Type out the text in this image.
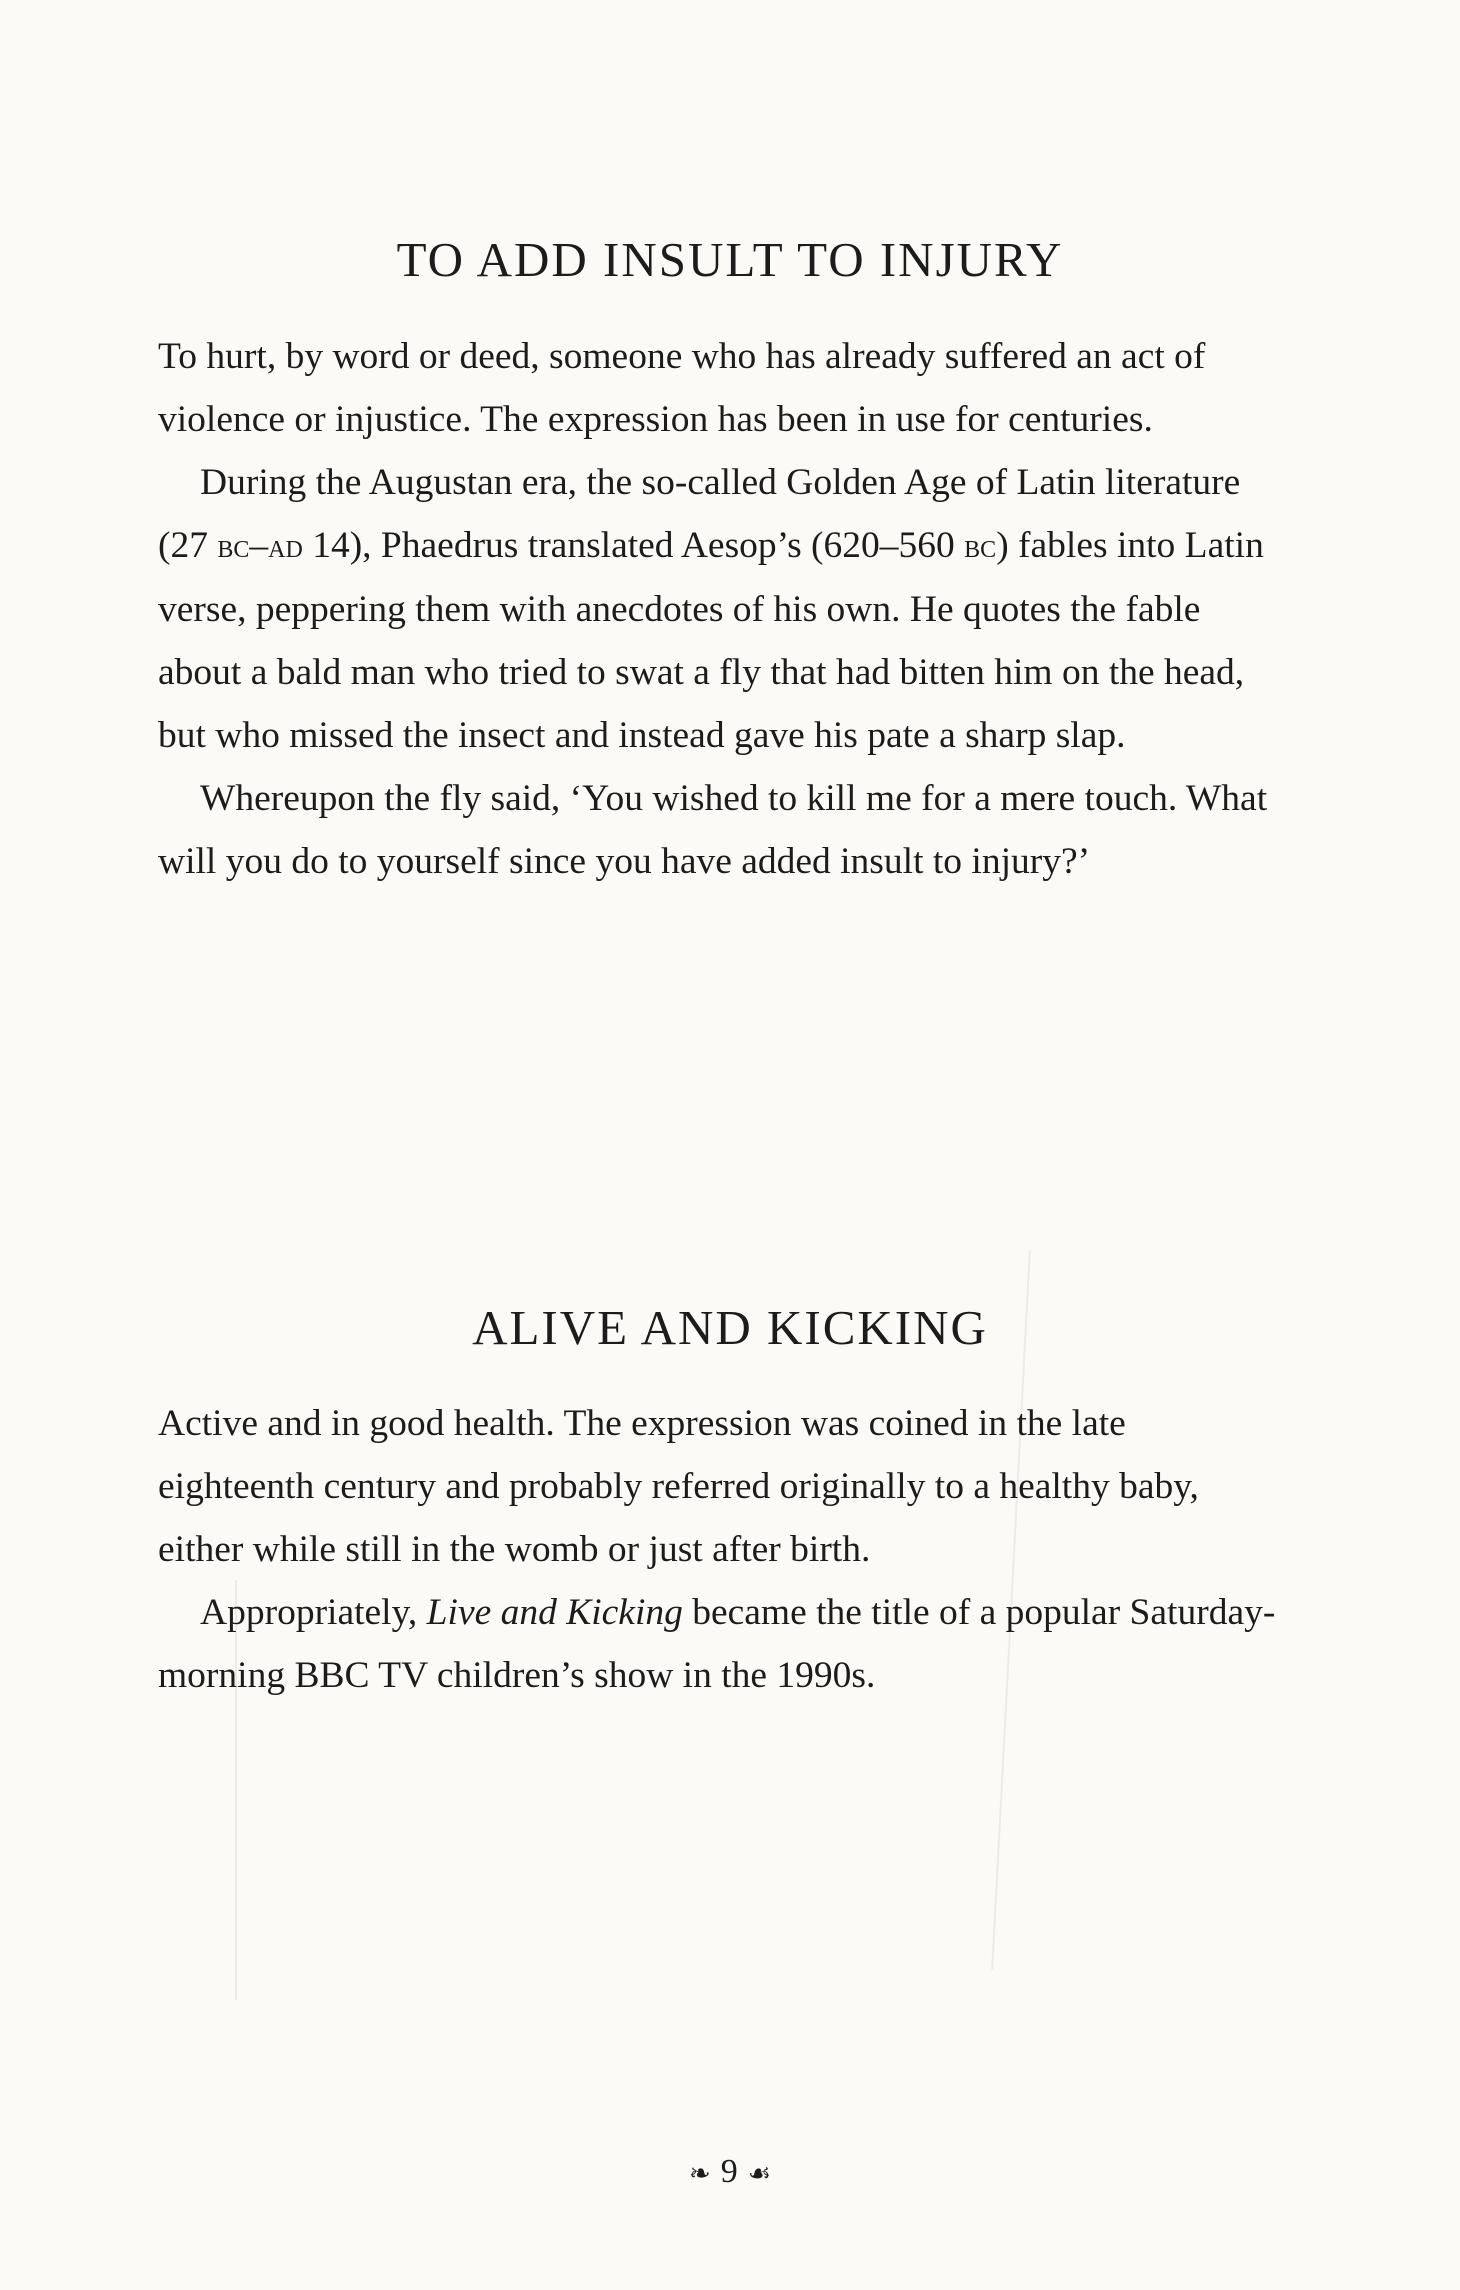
TO ADD INSULT TO INJURY

To hurt, by word or deed, someone who has already suffered an act of violence or injustice. The expression has been in use for centuries.

During the Augustan era, the so-called Golden Age of Latin literature (27 bc–ad 14), Phaedrus translated Aesop’s (620–560 bc) fables into Latin verse, peppering them with anecdotes of his own. He quotes the fable about a bald man who tried to swat a fly that had bitten him on the head, but who missed the insect and instead gave his pate a sharp slap.

Whereupon the fly said, ‘You wished to kill me for a mere touch. What will you do to yourself since you have added insult to injury?’

ALIVE AND KICKING

Active and in good health. The expression was coined in the late eighteenth century and probably referred originally to a healthy baby, either while still in the womb or just after birth.

Appropriately, Live and Kicking became the title of a popular Saturday-morning BBC TV children’s show in the 1990s.

❧ 9 ☙
